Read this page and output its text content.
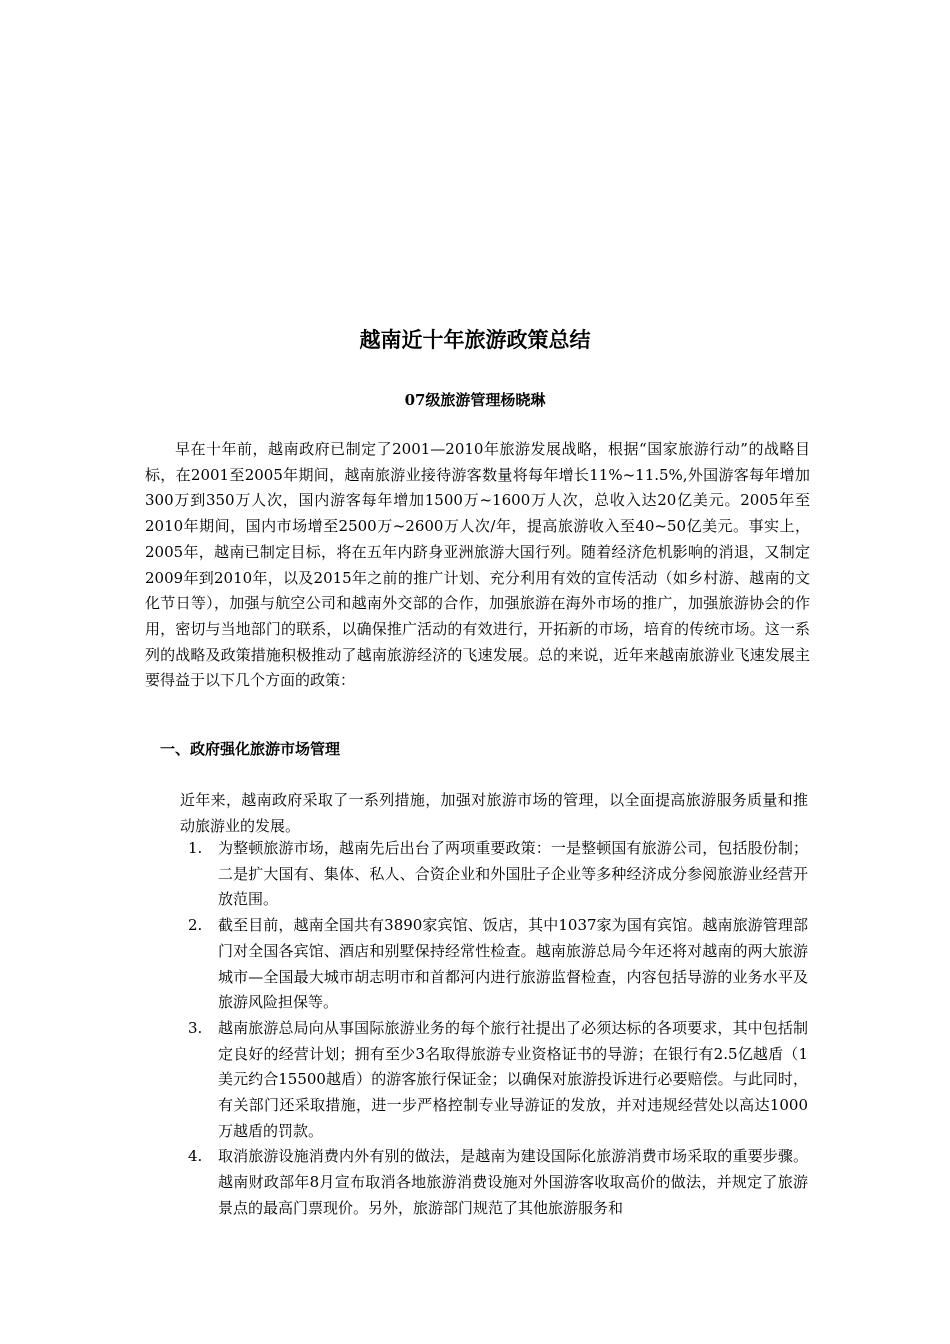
越南近十年旅游政策总结

07级旅游管理杨晓琳

早在十年前，越南政府已制定了2001—2010年旅游发展战略，根据“国家旅游行动”的战略目标，在2001至2005年期间，越南旅游业接待游客数量将每年增长11%~11.5%,外国游客每年增加300万到350万人次，国内游客每年增加1500万~1600万人次，总收入达20亿美元。2005年至2010年期间，国内市场增至2500万~2600万人次/年，提高旅游收入至40~50亿美元。事实上，2005年，越南已制定目标，将在五年内跻身亚洲旅游大国行列。随着经济危机影响的消退，又制定2009年到2010年，以及2015年之前的推广计划、充分利用有效的宣传活动（如乡村游、越南的文化节日等），加强与航空公司和越南外交部的合作，加强旅游在海外市场的推广，加强旅游协会的作用，密切与当地部门的联系，以确保推广活动的有效进行，开拓新的市场，培育的传统市场。这一系列的战略及政策措施积极推动了越南旅游经济的飞速发展。总的来说，近年来越南旅游业飞速发展主要得益于以下几个方面的政策：

一、政府强化旅游市场管理

近年来，越南政府采取了一系列措施，加强对旅游市场的管理，以全面提高旅游服务质量和推动旅游业的发展。

1.	为整顿旅游市场，越南先后出台了两项重要政策：一是整顿国有旅游公司，包括股份制；二是扩大国有、集体、私人、合资企业和外国肚子企业等多种经济成分参阅旅游业经营开放范围。
2.	截至目前，越南全国共有3890家宾馆、饭店，其中1037家为国有宾馆。越南旅游管理部门对全国各宾馆、酒店和别墅保持经常性检查。越南旅游总局今年还将对越南的两大旅游城市—全国最大城市胡志明市和首都河内进行旅游监督检查，内容包括导游的业务水平及旅游风险担保等。
3.	越南旅游总局向从事国际旅游业务的每个旅行社提出了必须达标的各项要求，其中包括制定良好的经营计划；拥有至少3名取得旅游专业资格证书的导游；在银行有2.5亿越盾（1美元约合15500越盾）的游客旅行保证金；以确保对旅游投诉进行必要赔偿。与此同时，有关部门还采取措施，进一步严格控制专业导游证的发放，并对违规经营处以高达1000万越盾的罚款。
4.	取消旅游设施消费内外有别的做法，是越南为建设国际化旅游消费市场采取的重要步骤。越南财政部年8月宣布取消各地旅游消费设施对外国游客收取高价的做法，并规定了旅游景点的最高门票现价。另外，旅游部门规范了其他旅游服务和
